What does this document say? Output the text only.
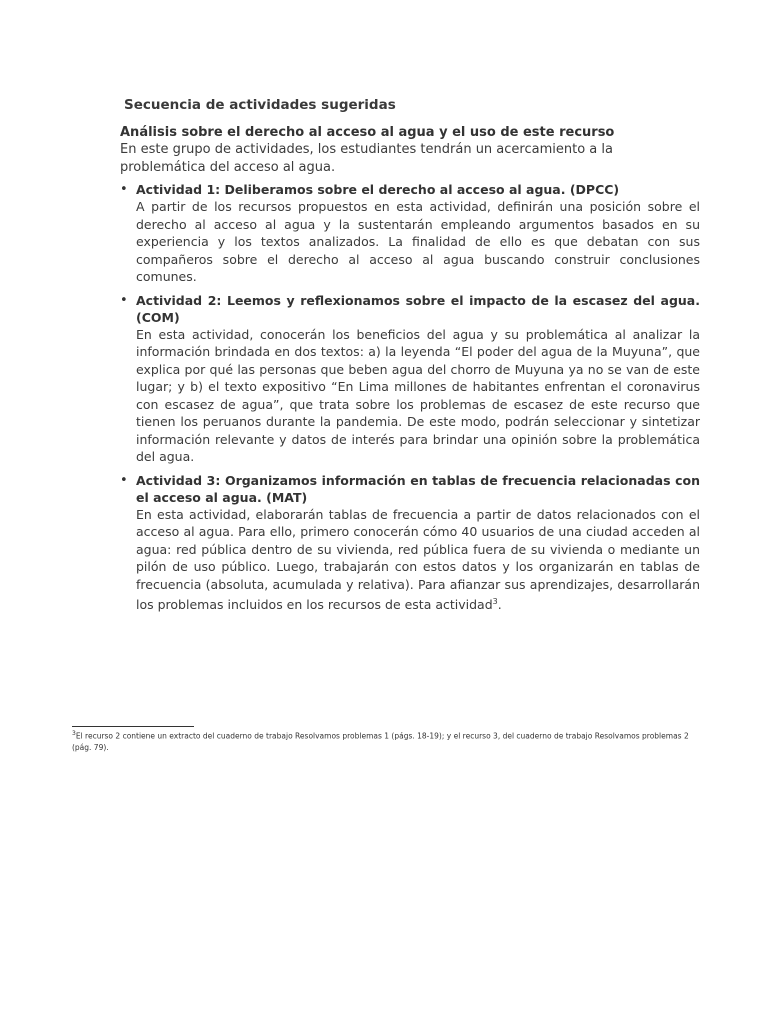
Secuencia de actividades sugeridas
Análisis sobre el derecho al acceso al agua y el uso de este recurso
En este grupo de actividades, los estudiantes tendrán un acercamiento a la problemática del acceso al agua.
• Actividad 1: Deliberamos sobre el derecho al acceso al agua. (DPCC)
A partir de los recursos propuestos en esta actividad, definirán una posición sobre el derecho al acceso al agua y la sustentarán empleando argumentos basados en su experiencia y los textos analizados. La finalidad de ello es que debatan con sus compañeros sobre el derecho al acceso al agua buscando construir conclusiones comunes.
• Actividad 2: Leemos y reflexionamos sobre el impacto de la escasez del agua. (COM)
En esta actividad, conocerán los beneficios del agua y su problemática al analizar la información brindada en dos textos: a) la leyenda “El poder del agua de la Muyuna”, que explica por qué las personas que beben agua del chorro de Muyuna ya no se van de este lugar; y b) el texto expositivo “En Lima millones de habitantes enfrentan el coronavirus con escasez de agua”, que trata sobre los problemas de escasez de este recurso que tienen los peruanos durante la pandemia. De este modo, podrán seleccionar y sintetizar información relevante y datos de interés para brindar una opinión sobre la problemática del agua.
• Actividad 3: Organizamos información en tablas de frecuencia relacionadas con el acceso al agua. (MAT)
En esta actividad, elaborarán tablas de frecuencia a partir de datos relacionados con el acceso al agua. Para ello, primero conocerán cómo 40 usuarios de una ciudad acceden al agua: red pública dentro de su vivienda, red pública fuera de su vivienda o mediante un pilón de uso público. Luego, trabajarán con estos datos y los organizarán en tablas de frecuencia (absoluta, acumulada y relativa). Para afianzar sus aprendizajes, desarrollarán los problemas incluidos en los recursos de esta actividad$^3$.
$^3$El recurso 2 contiene un extracto del cuaderno de trabajo Resolvamos problemas 1 (págs. 18-19); y el recurso 3, del cuaderno de trabajo Resolvamos problemas 2 (pág. 79).
